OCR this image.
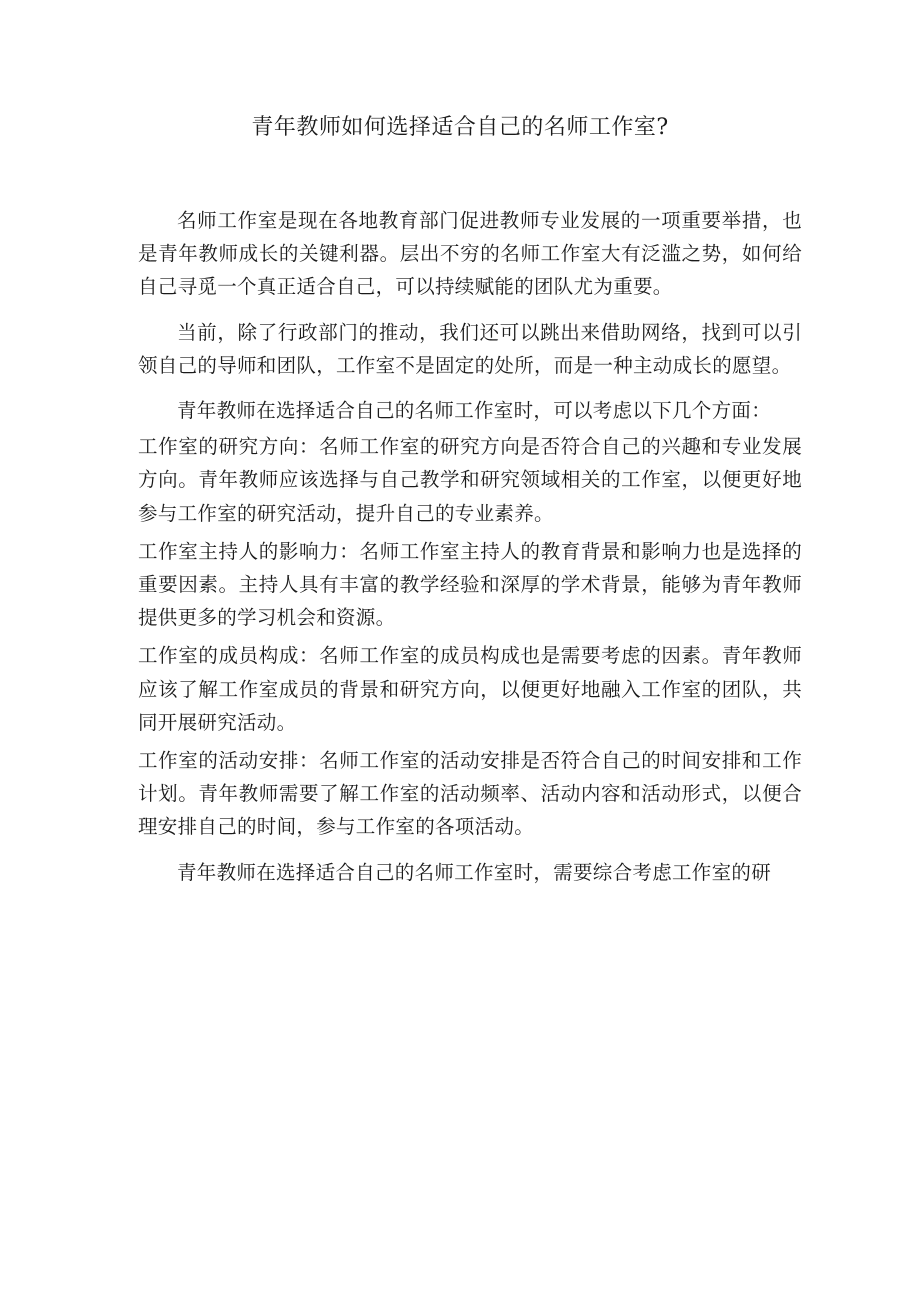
青年教师如何选择适合自己的名师工作室?

名师工作室是现在各地教育部门促进教师专业发展的一项重要举措，也是青年教师成长的关键利器。层出不穷的名师工作室大有泛滥之势，如何给自己寻觅一个真正适合自己，可以持续赋能的团队尤为重要。

当前，除了行政部门的推动，我们还可以跳出来借助网络，找到可以引领自己的导师和团队，工作室不是固定的处所，而是一种主动成长的愿望。

青年教师在选择适合自己的名师工作室时，可以考虑以下几个方面：

工作室的研究方向：名师工作室的研究方向是否符合自己的兴趣和专业发展方向。青年教师应该选择与自己教学和研究领域相关的工作室，以便更好地参与工作室的研究活动，提升自己的专业素养。

工作室主持人的影响力：名师工作室主持人的教育背景和影响力也是选择的重要因素。主持人具有丰富的教学经验和深厚的学术背景，能够为青年教师提供更多的学习机会和资源。

工作室的成员构成：名师工作室的成员构成也是需要考虑的因素。青年教师应该了解工作室成员的背景和研究方向，以便更好地融入工作室的团队，共同开展研究活动。

工作室的活动安排：名师工作室的活动安排是否符合自己的时间安排和工作计划。青年教师需要了解工作室的活动频率、活动内容和活动形式，以便合理安排自己的时间，参与工作室的各项活动。

青年教师在选择适合自己的名师工作室时，需要综合考虑工作室的研
